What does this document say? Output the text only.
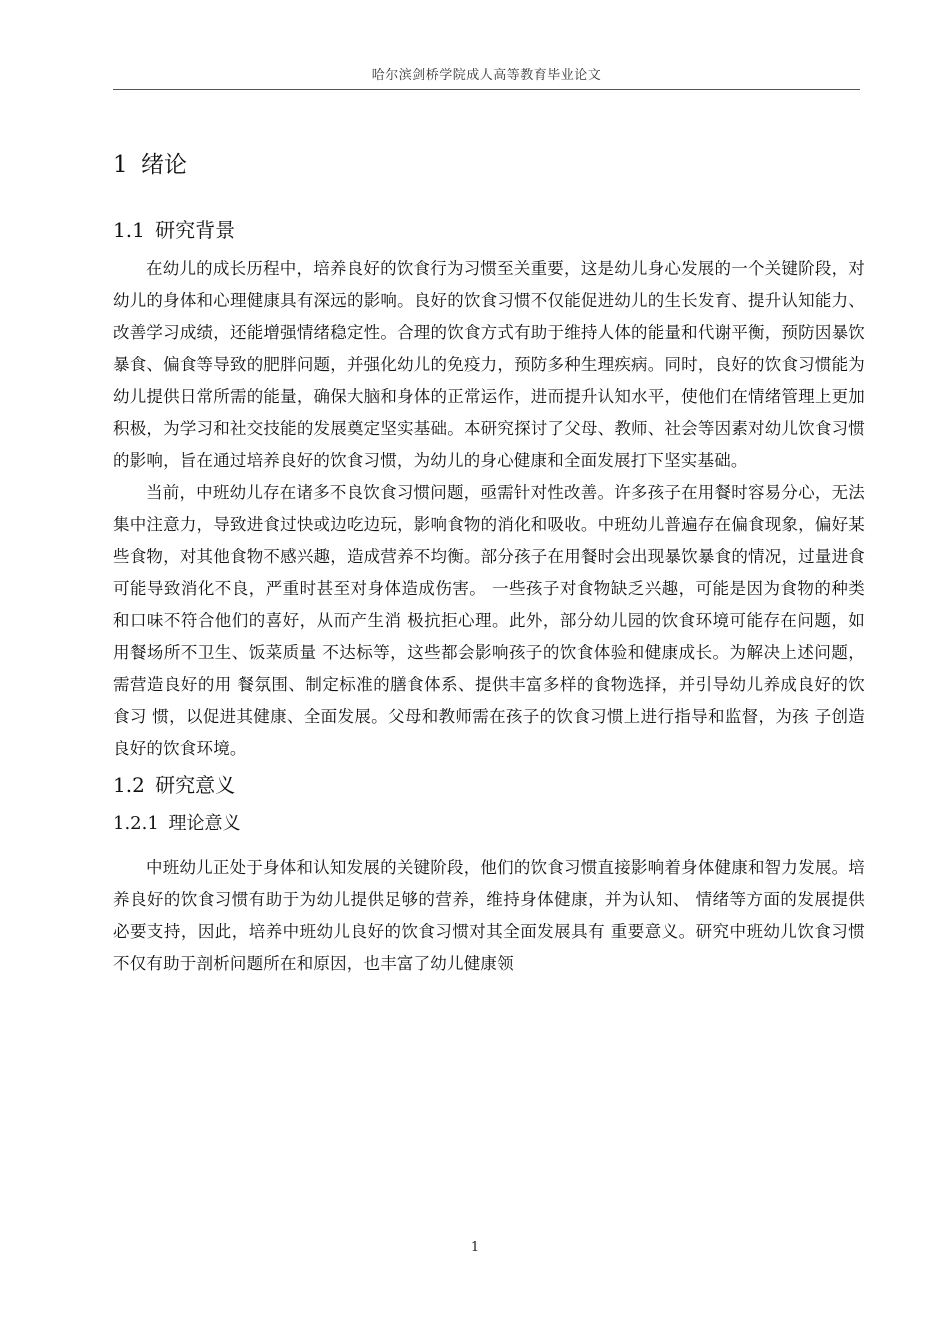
哈尔滨剑桥学院成人高等教育毕业论文
1 绪论
1.1 研究背景

在幼儿的成长历程中，培养良好的饮食行为习惯至关重要，这是幼儿身心发展的一个关键阶段，对幼儿的身体和心理健康具有深远的影响。良好的饮食习惯不仅能促进幼儿的生长发育、提升认知能力、改善学习成绩，还能增强情绪稳定性。合理的饮食方式有助于维持人体的能量和代谢平衡，预防因暴饮暴食、偏食等导致的肥胖问题，并强化幼儿的免疫力，预防多种生理疾病。同时，良好的饮食习惯能为幼儿提供日常所需的能量，确保大脑和身体的正常运作，进而提升认知水平，使他们在情绪管理上更加积极，为学习和社交技能的发展奠定坚实基础。本研究探讨了父母、教师、社会等因素对幼儿饮食习惯的影响，旨在通过培养良好的饮食习惯，为幼儿的身心健康和全面发展打下坚实基础。

当前，中班幼儿存在诸多不良饮食习惯问题，亟需针对性改善。许多孩子在用餐时容易分心，无法集中注意力，导致进食过快或边吃边玩，影响食物的消化和吸收。中班幼儿普遍存在偏食现象，偏好某些食物，对其他食物不感兴趣，造成营养不均衡。部分孩子在用餐时会出现暴饮暴食的情况，过量进食可能导致消化不良，严重时甚至对身体造成伤害。 一些孩子对食物缺乏兴趣，可能是因为食物的种类和口味不符合他们的喜好，从而产生消 极抗拒心理。此外，部分幼儿园的饮食环境可能存在问题，如用餐场所不卫生、饭菜质量 不达标等，这些都会影响孩子的饮食体验和健康成长。为解决上述问题，需营造良好的用 餐氛围、制定标准的膳食体系、提供丰富多样的食物选择，并引导幼儿养成良好的饮食习 惯，以促进其健康、全面发展。父母和教师需在孩子的饮食习惯上进行指导和监督，为孩 子创造良好的饮食环境。

1.2 研究意义
1.2.1 理论意义

中班幼儿正处于身体和认知发展的关键阶段，他们的饮食习惯直接影响着身体健康和智力发展。培养良好的饮食习惯有助于为幼儿提供足够的营养，维持身体健康，并为认知、 情绪等方面的发展提供必要支持，因此，培养中班幼儿良好的饮食习惯对其全面发展具有 重要意义。研究中班幼儿饮食习惯不仅有助于剖析问题所在和原因，也丰富了幼儿健康领

1
